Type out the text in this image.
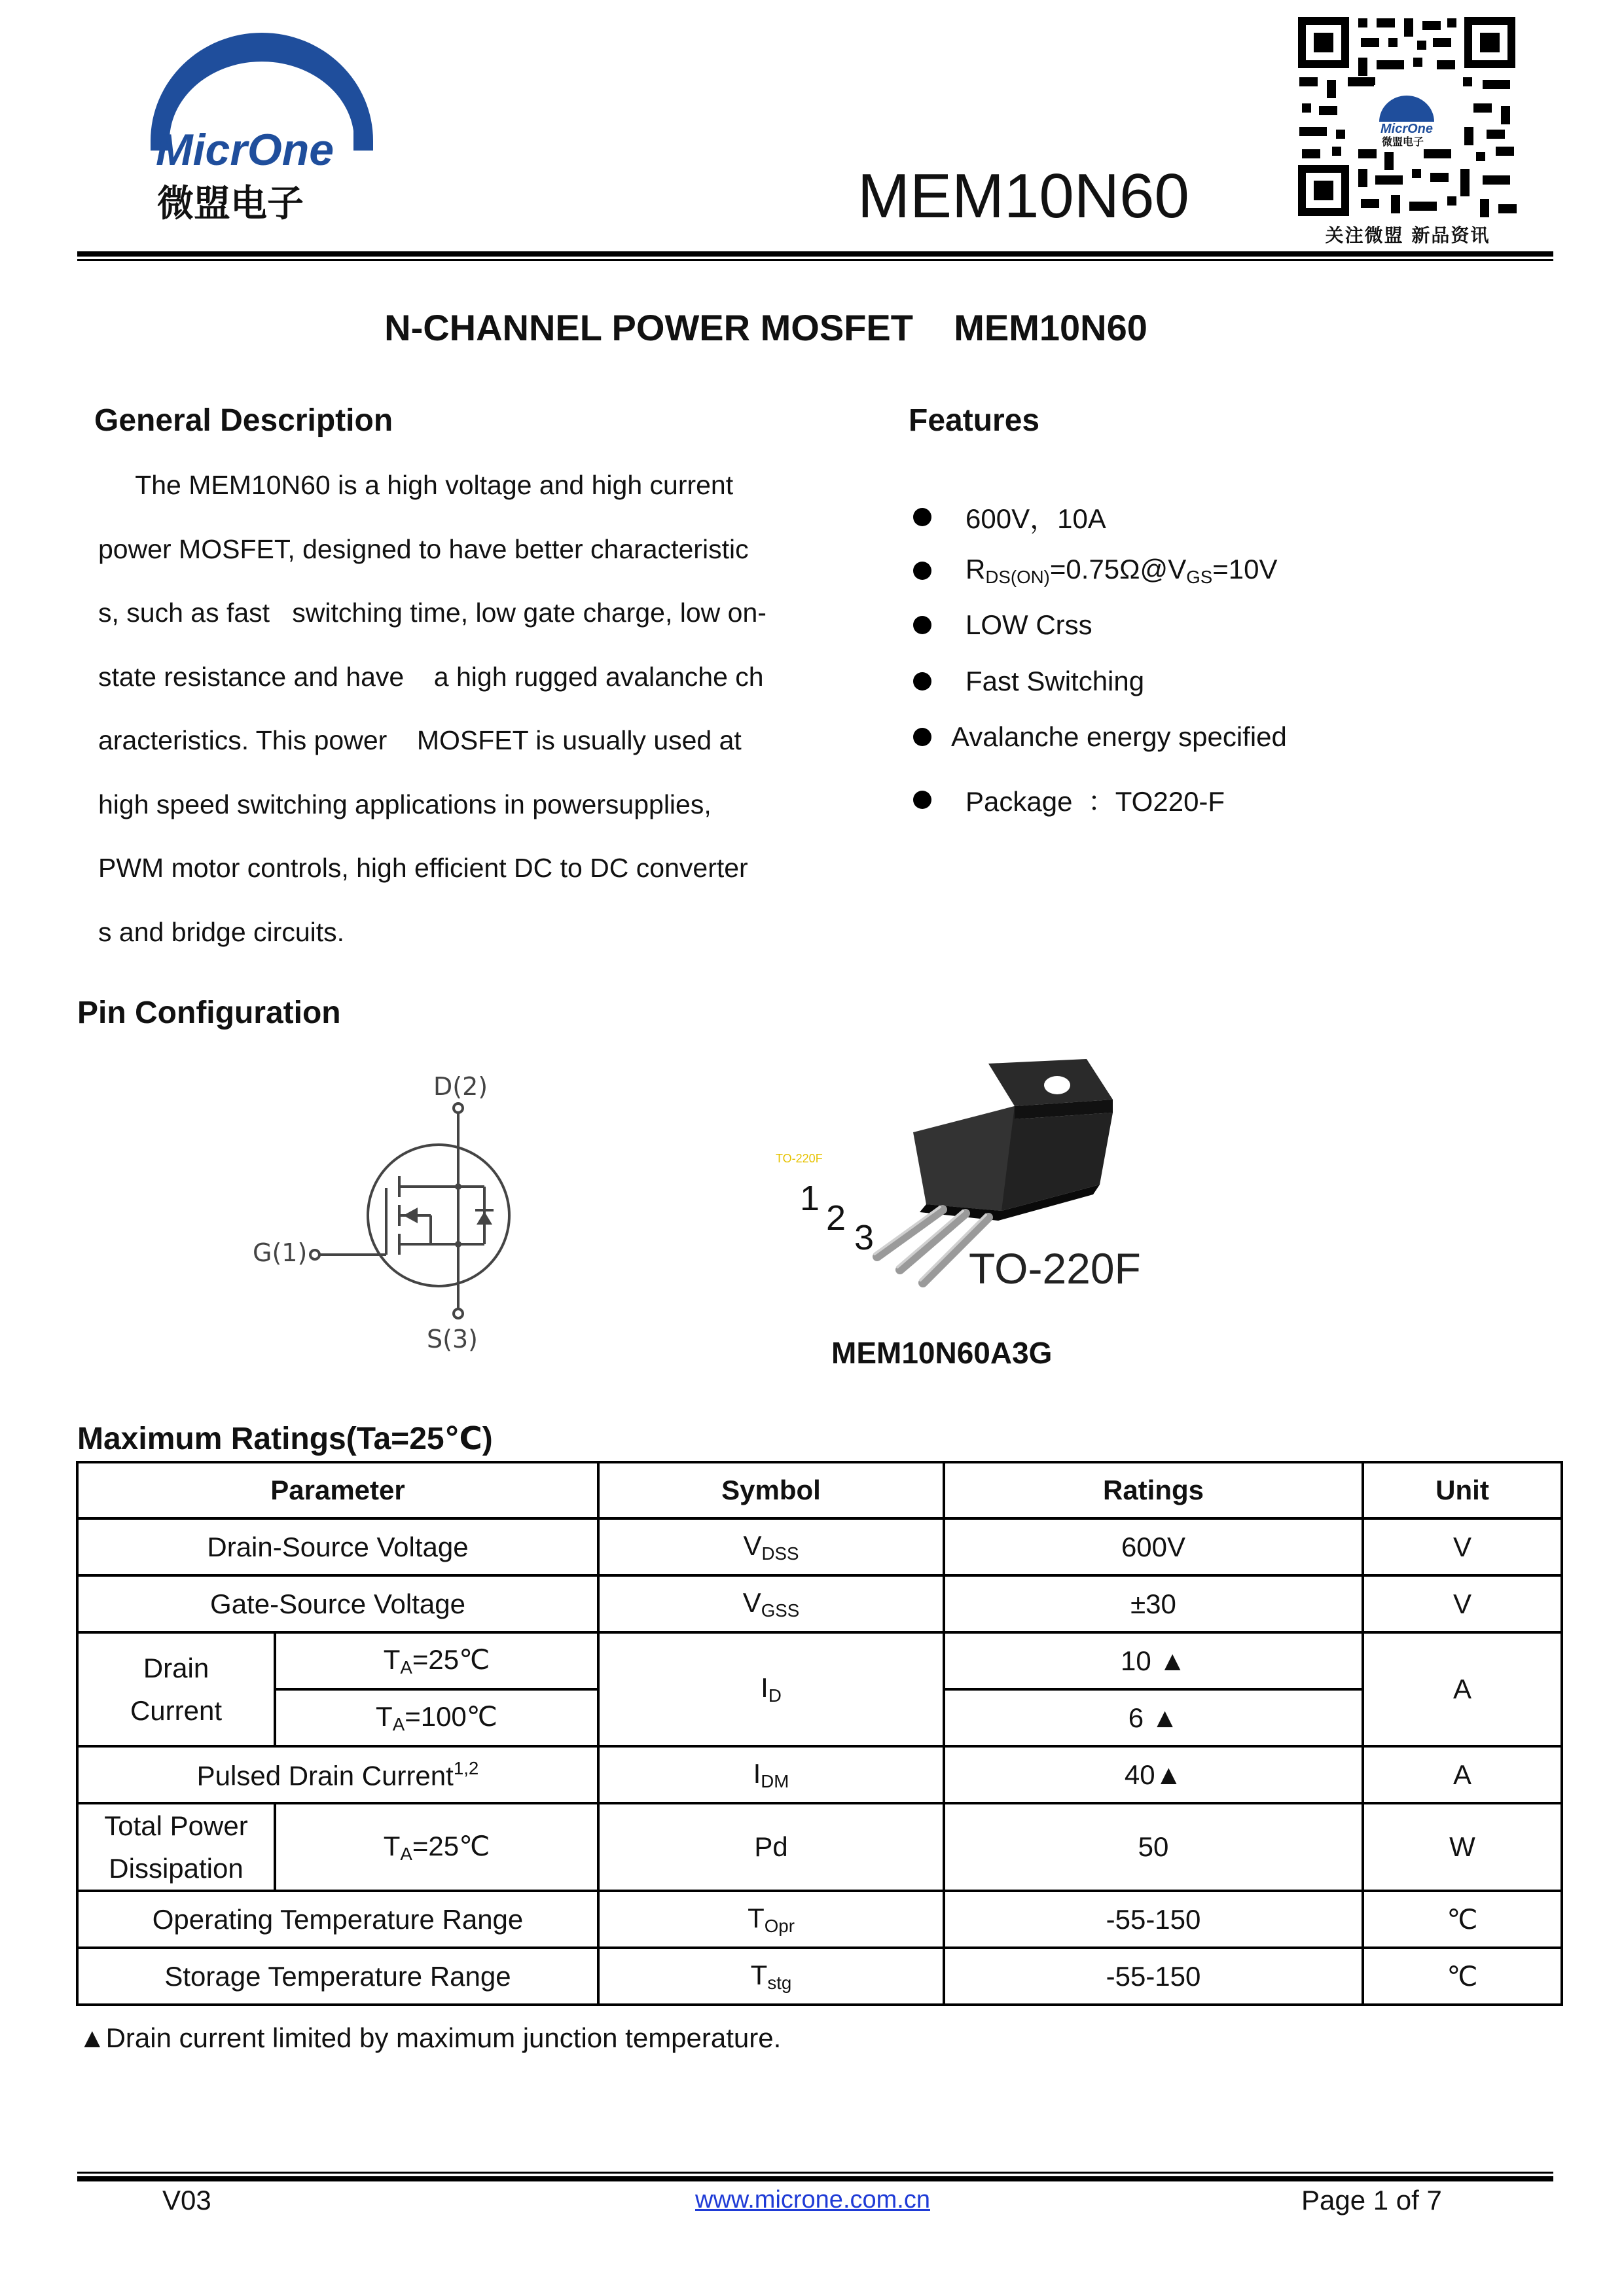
MicrOne
微盟电子
MicrOne
微盟电子
关注微盟 新品资讯
MEM10N60
N-CHANNEL POWER MOSFET    MEM10N60
General Description
The MEM10N60 is a high voltage and high current
power MOSFET, designed to have better characteristic
s, such as fast   switching time, low gate charge, low on-
state resistance and have    a high rugged avalanche ch
aracteristics. This power    MOSFET is usually used at
high speed switching applications in powersupplies,
PWM motor controls, high efficient DC to DC converter
s and bridge circuits.
Features
600V，10A
$R_{DS(ON)}=0.75\Omega@V_{GS}=10V$
LOW Crss
Fast Switching
Avalanche energy specified
Package  ：TO220-F
Pin Configuration
D(2)
G(1)
S(3)
TO-220F
1 2 3
TO-220F
MEM10N60A3G
Maximum Ratings(Ta=25℃)
Parameter		Symbol	Ratings	Unit
Drain-Source Voltage		$V_{DSS}$	600V	V
Gate-Source Voltage		$V_{GSS}$	±30	V

Drain
Current	$T_A=25℃$	$I_D$	10 ▲	A
	$T_A=100℃$		6 ▲	
Pulsed Drain Current$^{1,2}$		$I_{DM}$	40▲	A

Total Power
Dissipation	$T_A=25℃$	Pd	50	W
Operating Temperature Range		$T_{Opr}$	-55-150	℃
Storage Temperature Range		$T_{stg}$	-55-150	℃
▲Drain current limited by maximum junction temperature.
V03	www.microne.com.cn	Page 1 of 7
